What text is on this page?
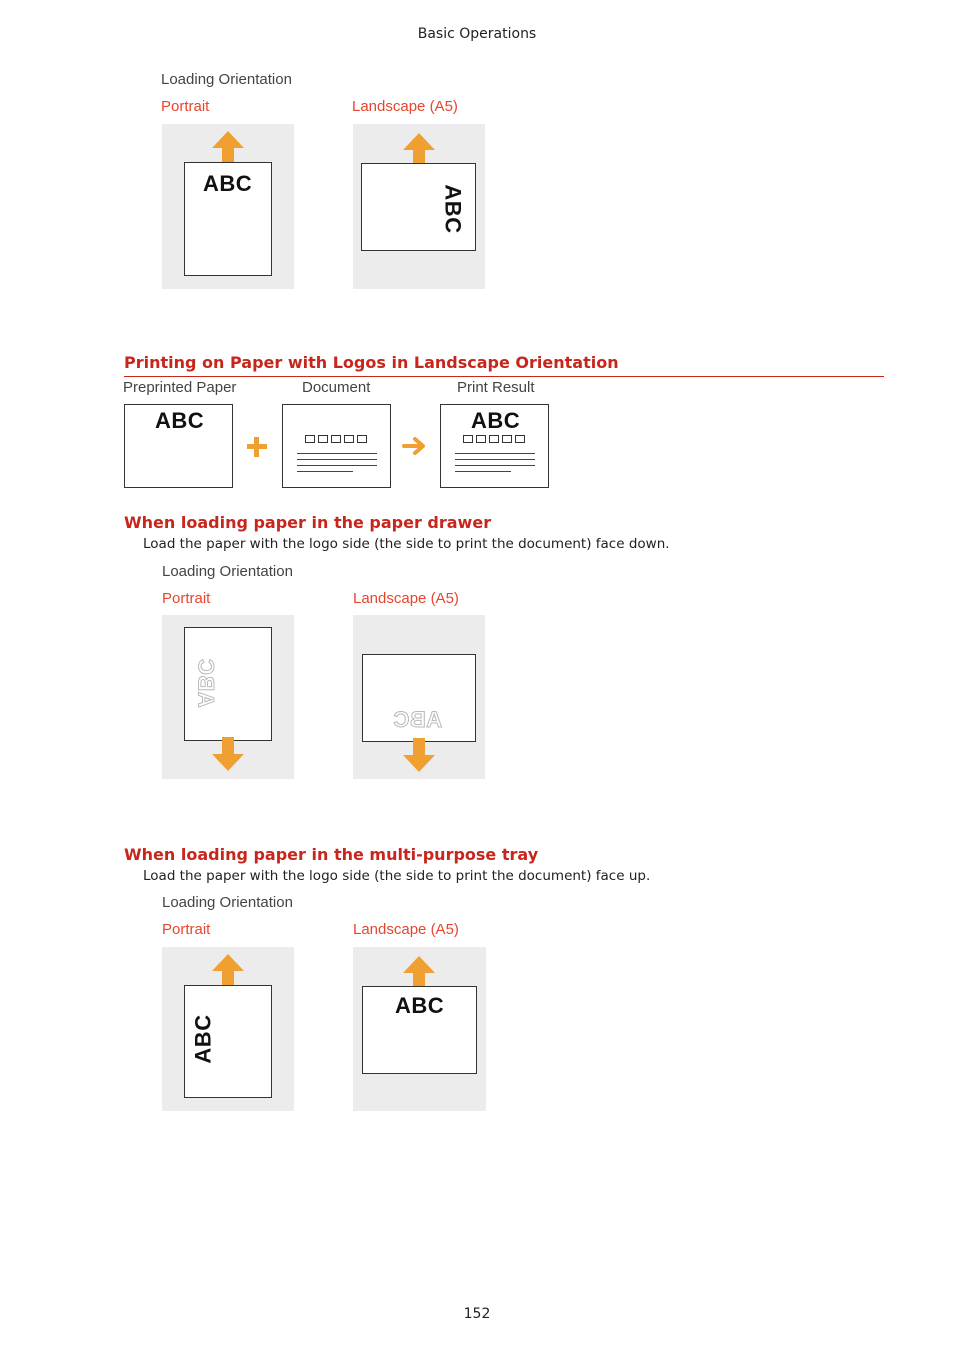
Basic Operations
Loading Orientation
Portrait	Landscape (A5)
ABC
ABC
Printing on Paper with Logos in Landscape Orientation
Preprinted Paper	Document	Print Result
ABC	ABC
When loading paper in the paper drawer
Load the paper with the logo side (the side to print the document) face down.
Loading Orientation
Portrait	Landscape (A5)
ABC
ABC
When loading paper in the multi-purpose tray
Load the paper with the logo side (the side to print the document) face up.
Loading Orientation
Portrait	Landscape (A5)
ABC
ABC
152
